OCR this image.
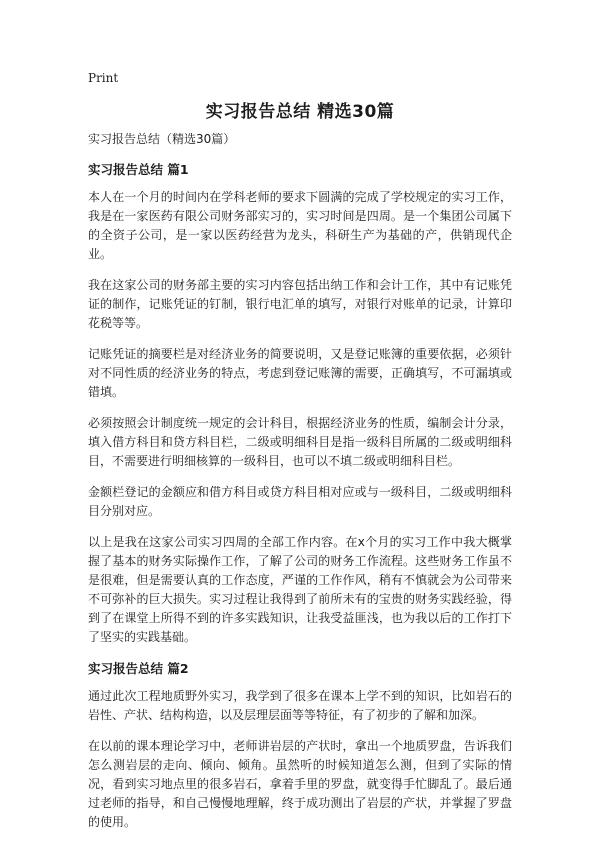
Print
实习报告总结 精选30篇

实习报告总结（精选30篇）

实习报告总结 篇1

本人在一个月的时间内在学科老师的要求下圆满的完成了学校规定的实习工作，我是在一家医药有限公司财务部实习的，实习时间是四周。是一个集团公司属下的全资子公司，是一家以医药经营为龙头，科研生产为基础的产，供销现代企业。

我在这家公司的财务部主要的实习内容包括出纳工作和会计工作，其中有记账凭证的制作，记账凭证的钉制，银行电汇单的填写，对银行对账单的记录，计算印花税等等。

记账凭证的摘要栏是对经济业务的简要说明，又是登记账簿的重要依据，必须针对不同性质的经济业务的特点，考虑到登记账簿的需要，正确填写，不可漏填或错填。

必须按照会计制度统一规定的会计科目，根据经济业务的性质，编制会计分录，填入借方科目和贷方科目栏，二级或明细科目是指一级科目所属的二级或明细科目，不需要进行明细核算的一级科目，也可以不填二级或明细科目栏。

金额栏登记的金额应和借方科目或贷方科目相对应或与一级科目，二级或明细科目分别对应。

以上是我在这家公司实习四周的全部工作内容。在x个月的实习工作中我大概掌握了基本的财务实际操作工作，了解了公司的财务工作流程。这些财务工作虽不是很难，但是需要认真的工作态度，严谨的工作作风，稍有不慎就会为公司带来不可弥补的巨大损失。实习过程让我得到了前所未有的宝贵的财务实践经验，得到了在课堂上所得不到的许多实践知识，让我受益匪浅，也为我以后的工作打下了坚实的实践基础。

实习报告总结 篇2

通过此次工程地质野外实习，我学到了很多在课本上学不到的知识，比如岩石的岩性、产状、结构构造，以及层理层面等等特征，有了初步的了解和加深。

在以前的课本理论学习中，老师讲岩层的产状时，拿出一个地质罗盘，告诉我们怎么测岩层的走向、倾向、倾角。虽然听的时候知道怎么测，但到了实际的情况，看到实习地点里的很多岩石，拿着手里的罗盘，就变得手忙脚乱了。最后通过老师的指导，和自己慢慢地理解，终于成功测出了岩层的产状，并掌握了罗盘的使用。
